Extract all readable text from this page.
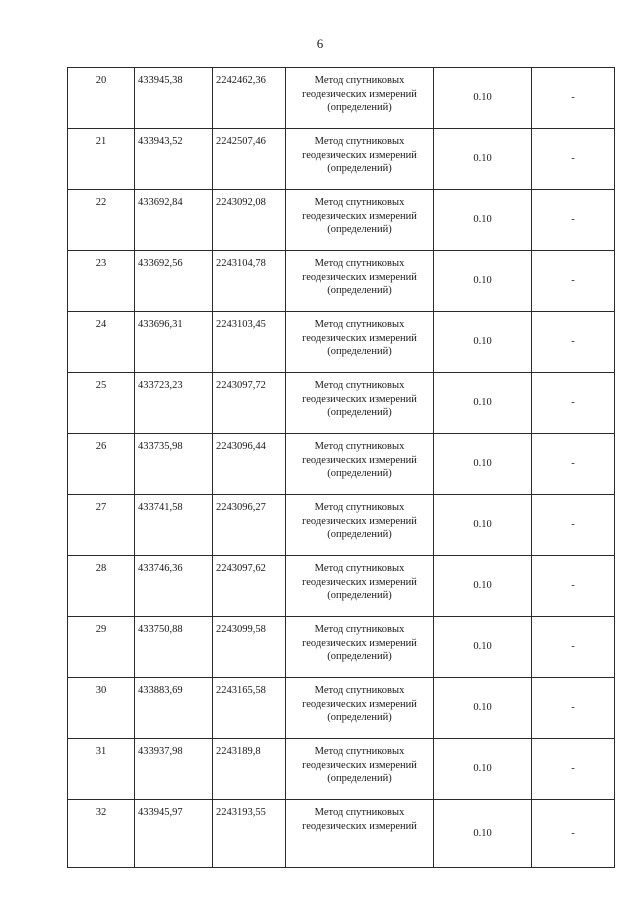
6
20	433945,38	2242462,36	Метод спутниковых
геодезических измерений
(определений)	0.10	-
21	433943,52	2242507,46	Метод спутниковых
геодезических измерений
(определений)	0.10	-
22	433692,84	2243092,08	Метод спутниковых
геодезических измерений
(определений)	0.10	-
23	433692,56	2243104,78	Метод спутниковых
геодезических измерений
(определений)	0.10	-
24	433696,31	2243103,45	Метод спутниковых
геодезических измерений
(определений)	0.10	-
25	433723,23	2243097,72	Метод спутниковых
геодезических измерений
(определений)	0.10	-
26	433735,98	2243096,44	Метод спутниковых
геодезических измерений
(определений)	0.10	-
27	433741,58	2243096,27	Метод спутниковых
геодезических измерений
(определений)	0.10	-
28	433746,36	2243097,62	Метод спутниковых
геодезических измерений
(определений)	0.10	-
29	433750,88	2243099,58	Метод спутниковых
геодезических измерений
(определений)	0.10	-
30	433883,69	2243165,58	Метод спутниковых
геодезических измерений
(определений)	0.10	-
31	433937,98	2243189,8	Метод спутниковых
геодезических измерений
(определений)	0.10	-
32	433945,97	2243193,55	Метод спутниковых
геодезических измерений	0.10	-
